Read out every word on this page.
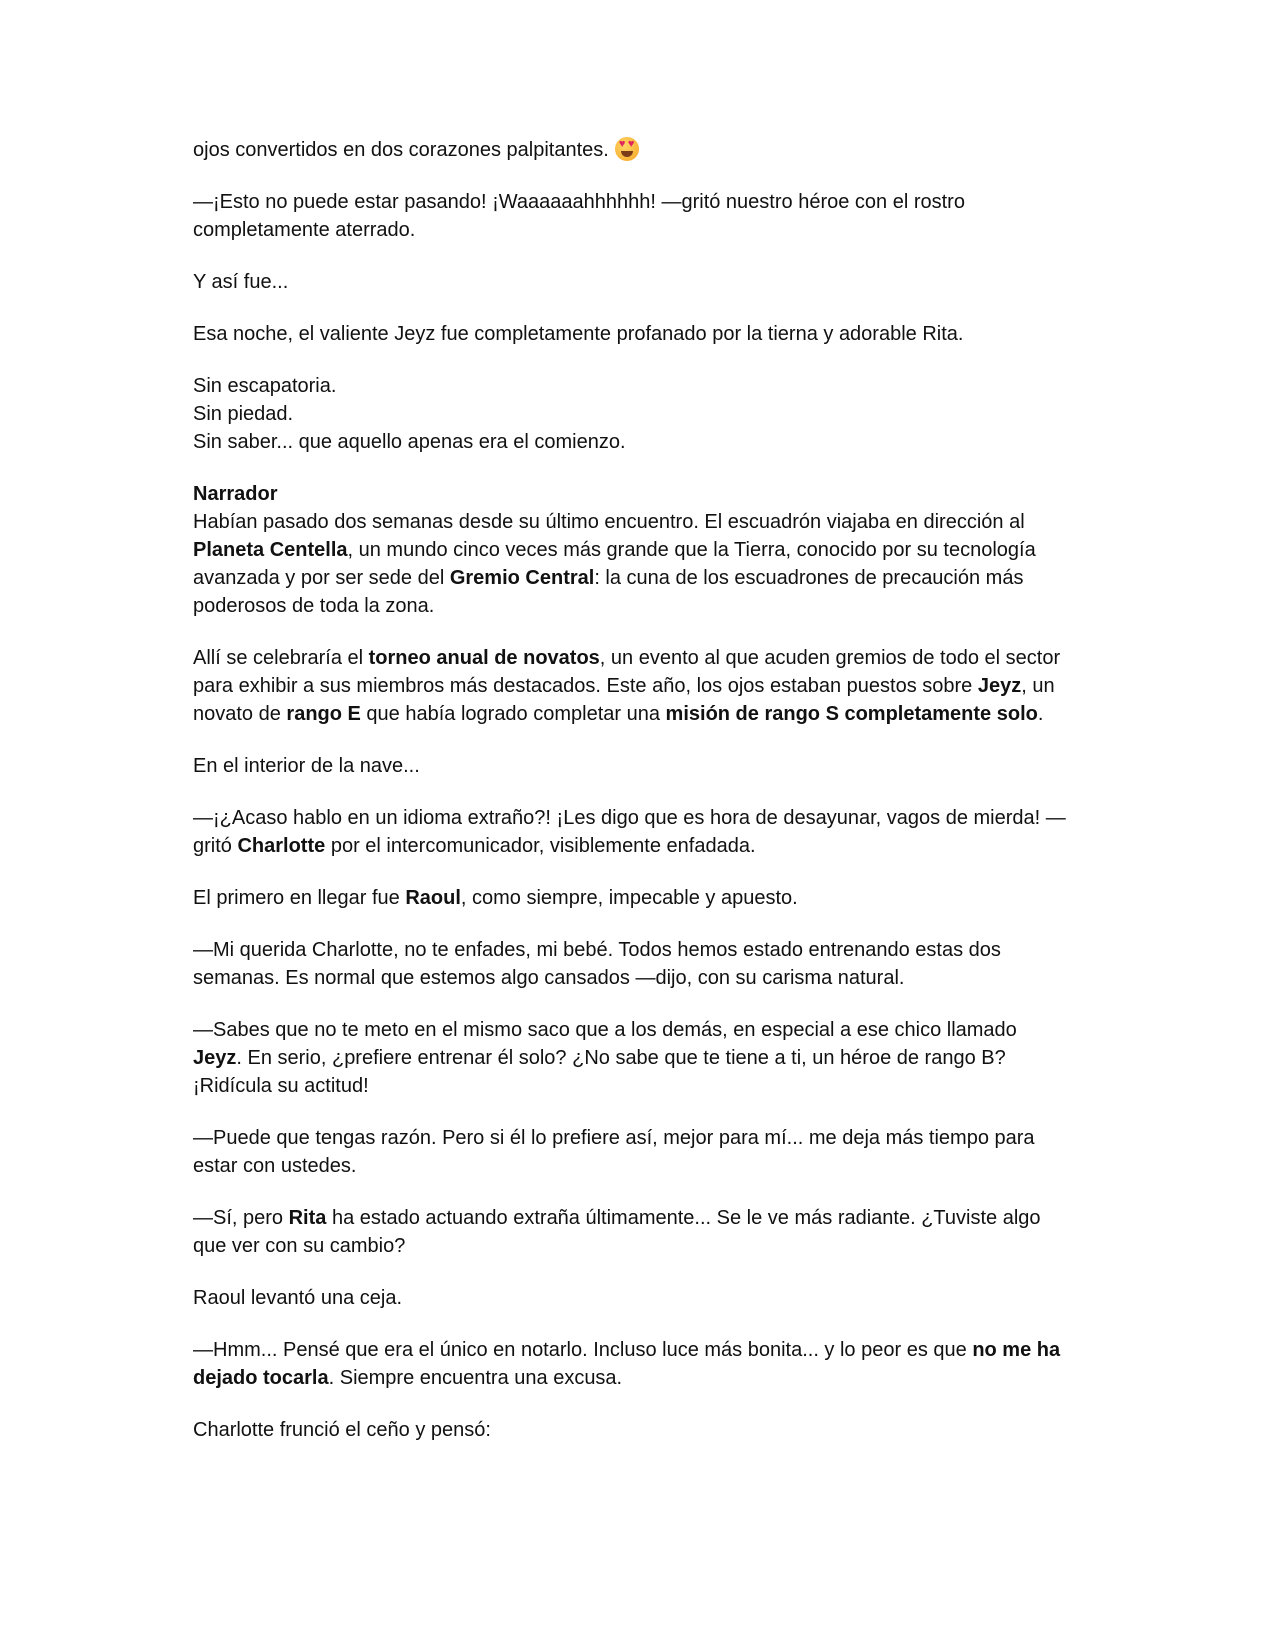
ojos convertidos en dos corazones palpitantes.♥
♥

—¡Esto no puede estar pasando! ¡Waaaaaahhhhhh! —gritó nuestro héroe con el rostro completamente aterrado.

Y así fue...

Esa noche, el valiente Jeyz fue completamente profanado por la tierna y adorable Rita.

Sin escapatoria.
Sin piedad.
Sin saber... que aquello apenas era el comienzo.

Narrador
Habían pasado dos semanas desde su último encuentro. El escuadrón viajaba en dirección al Planeta Centella, un mundo cinco veces más grande que la Tierra, conocido por su tecnología avanzada y por ser sede del Gremio Central: la cuna de los escuadrones de precaución más poderosos de toda la zona.

Allí se celebraría el torneo anual de novatos, un evento al que acuden gremios de todo el sector para exhibir a sus miembros más destacados. Este año, los ojos estaban puestos sobre Jeyz, un novato de rango E que había logrado completar una misión de rango S completamente solo.

En el interior de la nave...

—¡¿Acaso hablo en un idioma extraño?! ¡Les digo que es hora de desayunar, vagos de mierda! —gritó Charlotte por el intercomunicador, visiblemente enfadada.

El primero en llegar fue Raoul, como siempre, impecable y apuesto.

—Mi querida Charlotte, no te enfades, mi bebé. Todos hemos estado entrenando estas dos semanas. Es normal que estemos algo cansados —dijo, con su carisma natural.

—Sabes que no te meto en el mismo saco que a los demás, en especial a ese chico llamado Jeyz. En serio, ¿prefiere entrenar él solo? ¿No sabe que te tiene a ti, un héroe de rango B? ¡Ridícula su actitud!

—Puede que tengas razón. Pero si él lo prefiere así, mejor para mí... me deja más tiempo para estar con ustedes.

—Sí, pero Rita ha estado actuando extraña últimamente... Se le ve más radiante. ¿Tuviste algo que ver con su cambio?

Raoul levantó una ceja.

—Hmm... Pensé que era el único en notarlo. Incluso luce más bonita... y lo peor es que no me ha dejado tocarla. Siempre encuentra una excusa.

Charlotte frunció el ceño y pensó:
